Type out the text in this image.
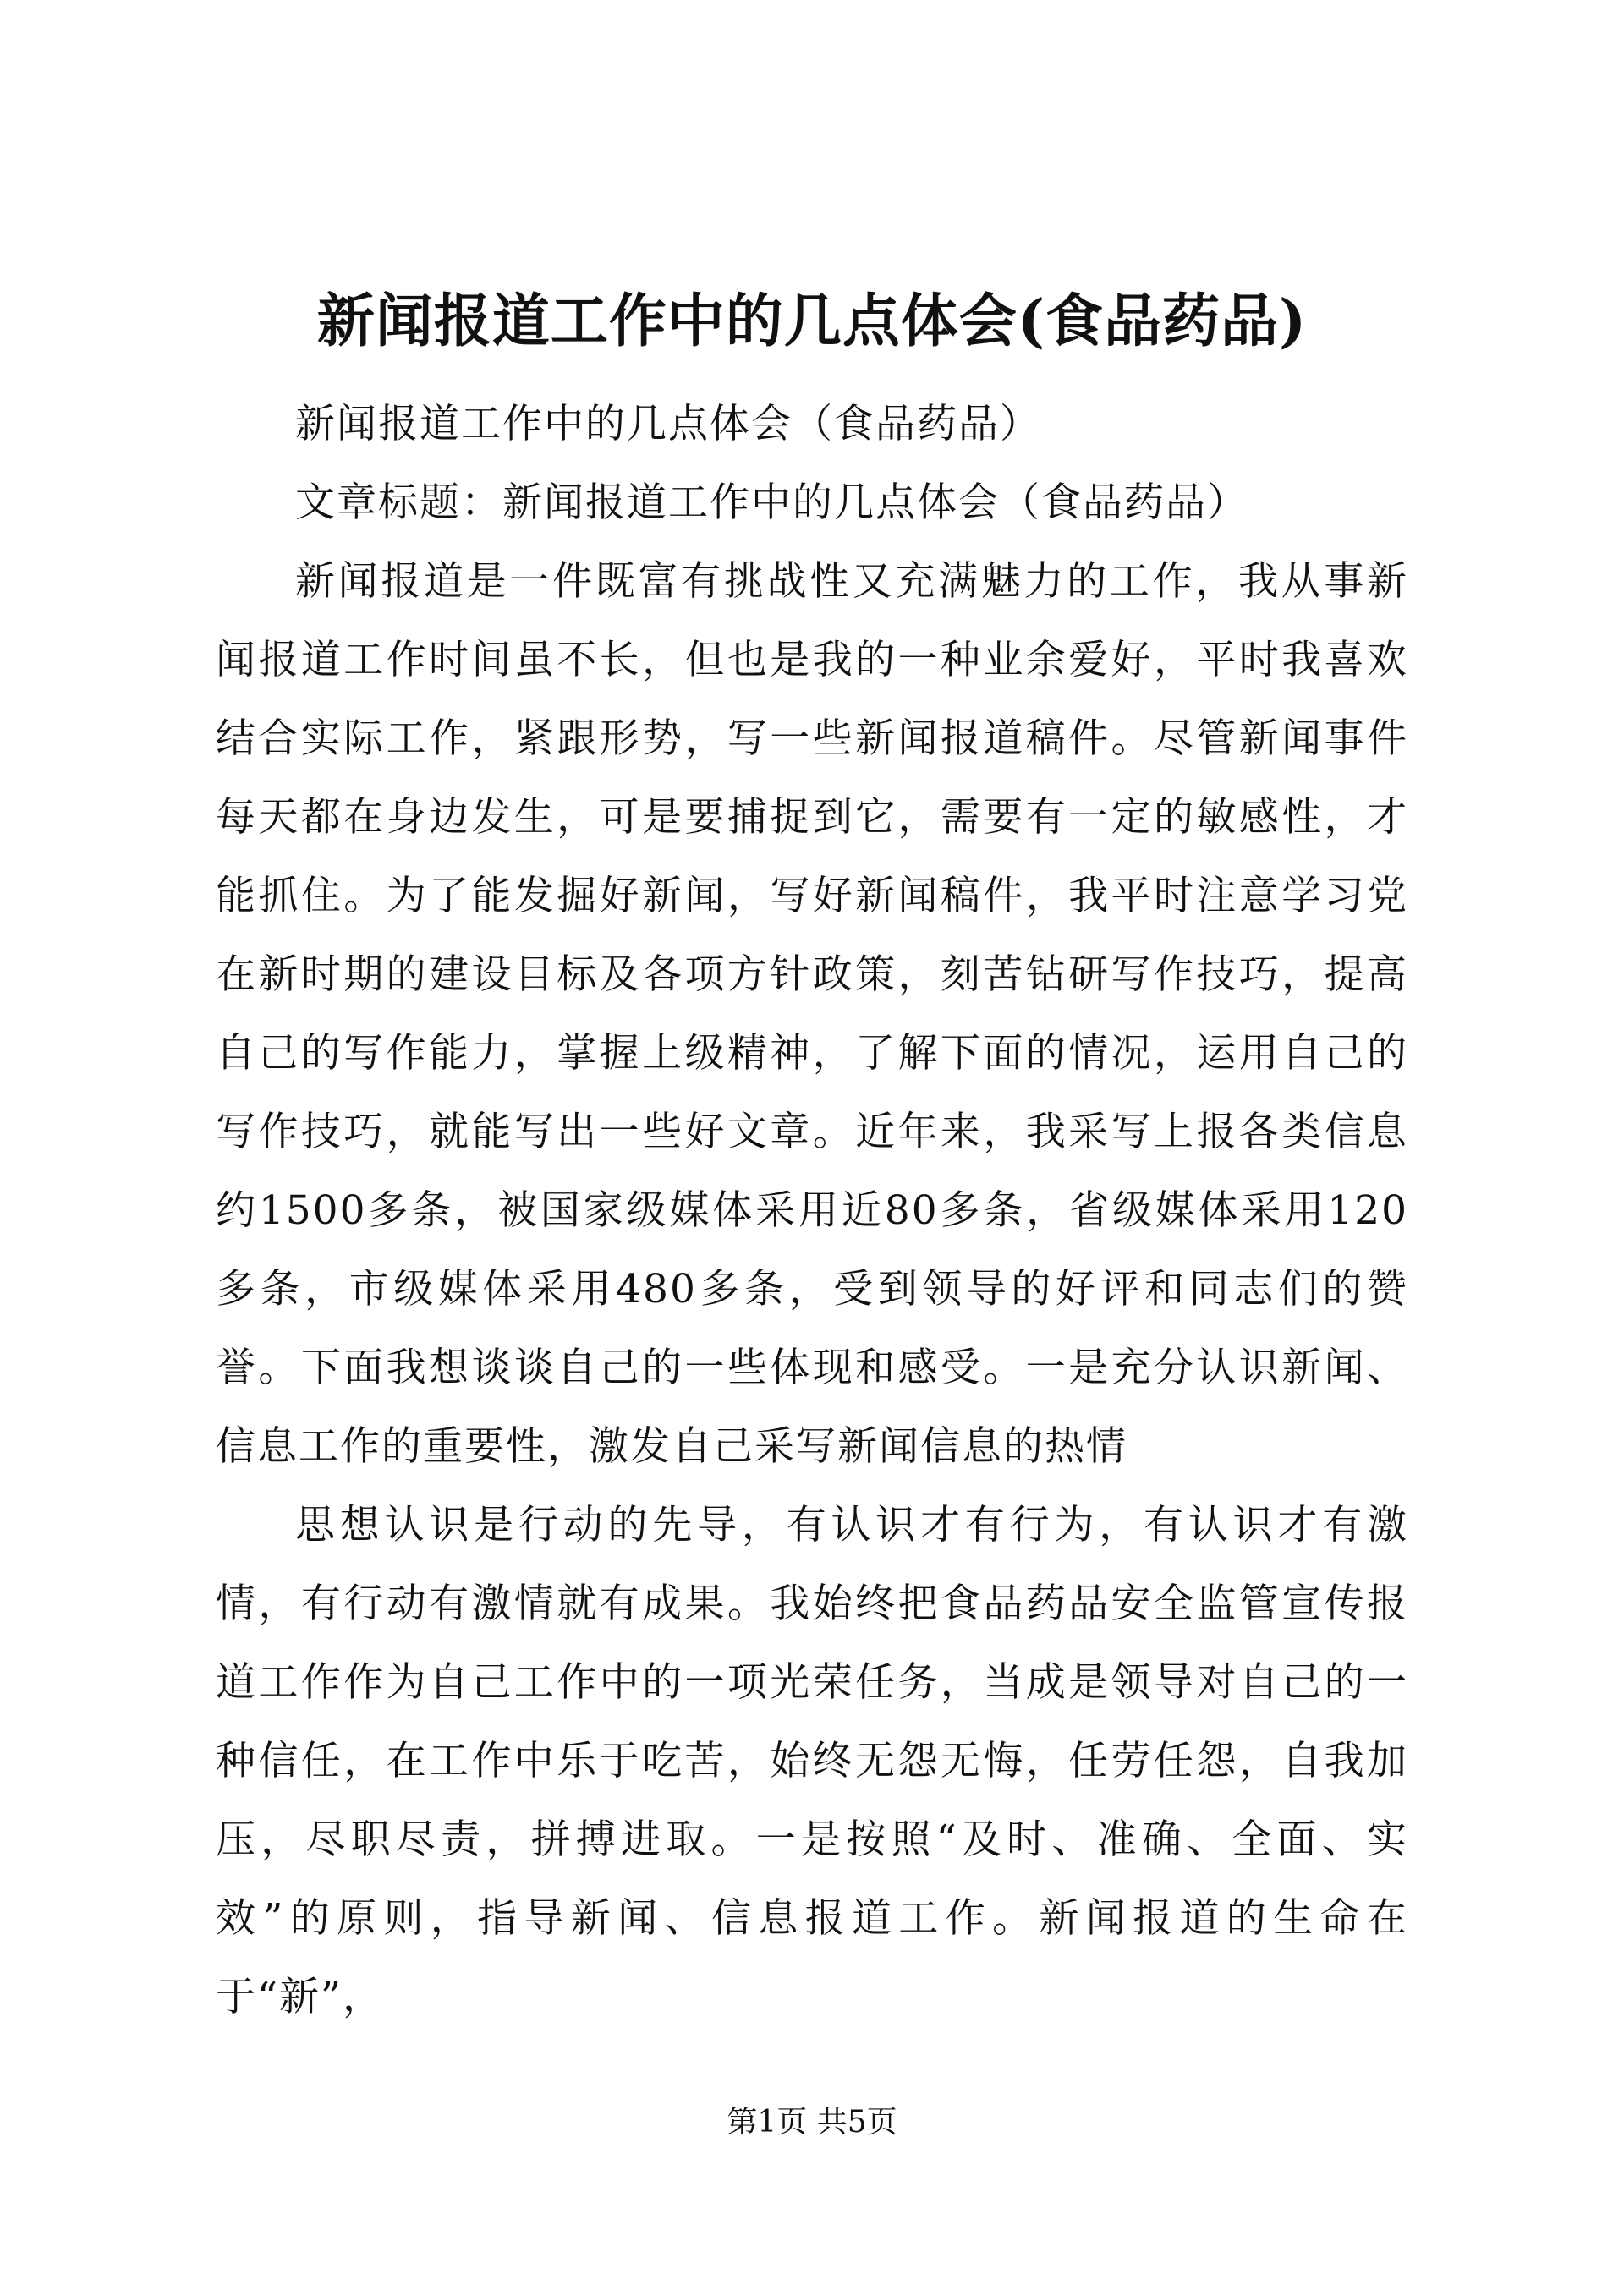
新闻报道工作中的几点体会(食品药品)

新闻报道工作中的几点体会（食品药品）

文章标题：新闻报道工作中的几点体会（食品药品）

新闻报道是一件既富有挑战性又充满魅力的工作，我从事新闻报道工作时间虽不长，但也是我的一种业余爱好，平时我喜欢结合实际工作，紧跟形势，写一些新闻报道稿件。尽管新闻事件每天都在身边发生，可是要捕捉到它，需要有一定的敏感性，才能抓住。为了能发掘好新闻，写好新闻稿件，我平时注意学习党在新时期的建设目标及各项方针政策，刻苦钻研写作技巧，提高自己的写作能力，掌握上级精神，了解下面的情况，运用自己的写作技巧，就能写出一些好文章。近年来，我采写上报各类信息约1500多条，被国家级媒体采用近80多条，省级媒体采用120多条，市级媒体采用480多条，受到领导的好评和同志们的赞誉。下面我想谈谈自己的一些体现和感受。一是充分认识新闻、信息工作的重要性，激发自己采写新闻信息的热情

思想认识是行动的先导，有认识才有行为，有认识才有激情，有行动有激情就有成果。我始终把食品药品安全监管宣传报道工作作为自己工作中的一项光荣任务，当成是领导对自己的一种信任，在工作中乐于吃苦，始终无怨无悔，任劳任怨，自我加压，尽职尽责，拼搏进取。一是按照“及时、准确、全面、实效”的原则，指导新闻、信息报道工作。新闻报道的生命在于“新”，

第1页 共5页
